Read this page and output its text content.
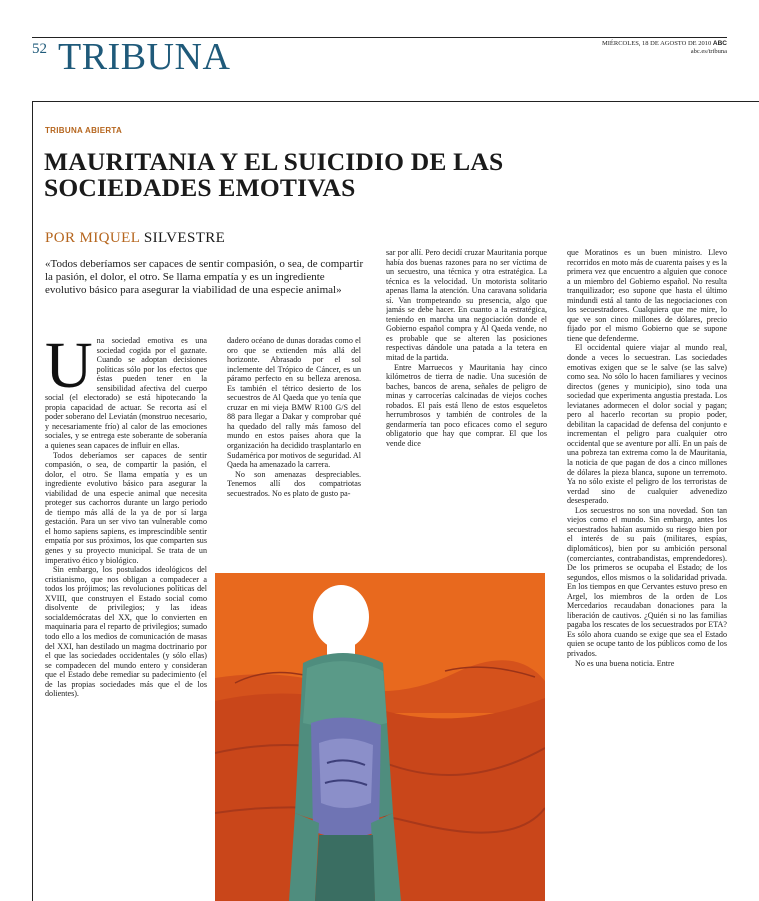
52 TRIBUNA	MIÉRCOLES, 18 DE AGOSTO DE 2010 ABC
abc.es/tribuna
TRIBUNA ABIERTA
MAURITANIA Y EL SUICIDIO DE LAS SOCIEDADES EMOTIVAS
POR MIQUEL SILVESTRE
«Todos deberíamos ser capaces de sentir compasión, o sea, de compartir la pasión, el dolor, el otro. Se llama empatía y es un ingrediente evolutivo básico para asegurar la viabilidad de una especie animal»
U na sociedad emotiva es una sociedad cogida por el gaznate. Cuando se adoptan decisiones políticas sólo por los efectos que éstas pueden tener en la sensibilidad afectiva del cuerpo social (el electorado) se está hipotecando la propia capacidad de actuar. Se recorta así el poder soberano del Leviatán (monstruo necesario, y necesariamente frío) al calor de las emociones sociales, y se entrega este soberante de soberanía a quienes sean capaces de influir en ellas.

Todos deberíamos ser capaces de sentir compasión, o sea, de compartir la pasión, el dolor, el otro. Se llama empatía y es un ingrediente evolutivo básico para asegurar la viabilidad de una especie animal que necesita proteger sus cachorros durante un largo periodo de tiempo más allá de la ya de por sí larga gestación. Para un ser vivo tan vulnerable como el homo sapiens sapiens, es imprescindible sentir empatía por sus próximos, los que comparten sus genes y su proyecto municipal. Se trata de un imperativo ético y biológico.

Sin embargo, los postulados ideológicos del cristianismo, que nos obligan a compadecer a todos los prójimos; las revoluciones políticas del XVIII, que construyen el Estado social como disolvente de privilegios; y las ideas socialdemócratas del XX, que lo convierten en maquinaria para el reparto de privilegios; sumado todo ello a los medios de comunicación de masas del XXI, han destilado un magma doctrinario por el que las sociedades occidentales (y sólo ellas) se compadecen del mundo entero y consideran que el Estado debe remediar su padecimiento (el de las propias sociedades más que el de los dolientes).

dadero océano de dunas doradas como el oro que se extienden más allá del horizonte. Abrasado por el sol inclemente del Trópico de Cáncer, es un páramo perfecto en su belleza arenosa. Es también el tétrico desierto de los secuestros de Al Qaeda que yo tenía que cruzar en mi vieja BMW R100 G/S del 88 para llegar a Dakar y comprobar qué ha quedado del rally más famoso del mundo en estos países ahora que la organización ha decidido trasplantarlo en Sudamérica por motivos de seguridad. Al Qaeda ha amenazado la carrera.

No son amenazas despreciables. Tenemos allí dos compatriotas secuestrados. No es plato de gusto pa-

sar por allí. Pero decidí cruzar Mauritania porque había dos buenas razones para no ser víctima de un secuestro, una técnica y otra estratégica. La técnica es la velocidad. Un motorista solitario apenas llama la atención. Una caravana solidaria sí. Van trompeteando su presencia, algo que jamás se debe hacer. En cuanto a la estratégica, teniendo en marcha una negociación donde el Gobierno español compra y Al Qaeda vende, no es probable que se alteren las posiciones respectivas dándole una patada a la tetera en mitad de la partida.

Entre Marruecos y Mauritania hay cinco kilómetros de tierra de nadie. Una sucesión de baches, bancos de arena, señales de peligro de minas y carrocerías calcinadas de viejos coches robados. El país está lleno de estos esqueletos herrumbrosos y también de controles de la gendarmería tan poco eficaces como el seguro obligatorio que hay que comprar. El que los vende dice

que Moratinos es un buen ministro. Llevo recorridos en moto más de cuarenta países y es la primera vez que encuentro a alguien que conoce a un miembro del Gobierno español. No resulta tranquilizador; eso supone que hasta el último mindundi está al tanto de las negociaciones con los secuestradores. Cualquiera que me mire, lo que ve son cinco millones de dólares, precio fijado por el mismo Gobierno que se supone tiene que defenderme.

El occidental quiere viajar al mundo real, donde a veces lo secuestran. Las sociedades emotivas exigen que se le salve (se las salve) como sea. No sólo lo hacen familiares y vecinos directos (genes y municipio), sino toda una sociedad que experimenta angustia prestada. Los leviatanes adormecen el dolor social y pagan; pero al hacerlo recortan su propio poder, debilitan la capacidad de defensa del conjunto e incrementan el peligro para cualquier otro occidental que se aventure por allí. En un país de una pobreza tan extrema como la de Mauritania, la noticia de que pagan de dos a cinco millones de dólares la pieza blanca, supone un terremoto. Ya no sólo existe el peligro de los terroristas de verdad sino de cualquier advenedizo desesperado.

Los secuestros no son una novedad. Son tan viejos como el mundo. Sin embargo, antes los secuestrados habían asumido su riesgo bien por el interés de su país (militares, espías, diplomáticos), bien por su ambición personal (comerciantes, contrabandistas, emprendedores). De los primeros se ocupaba el Estado; de los segundos, ellos mismos o la solidaridad privada. En los tiempos en que Cervantes estuvo preso en Argel, los miembros de la orden de Los Mercedarios recaudaban donaciones para la liberación de cautivos. ¿Quién si no las familias pagaba los rescates de los secuestrados por ETA? Es sólo ahora cuando se exige que sea el Estado quien se ocupe tanto de los públicos como de los privados.

No es una buena noticia. Entre
